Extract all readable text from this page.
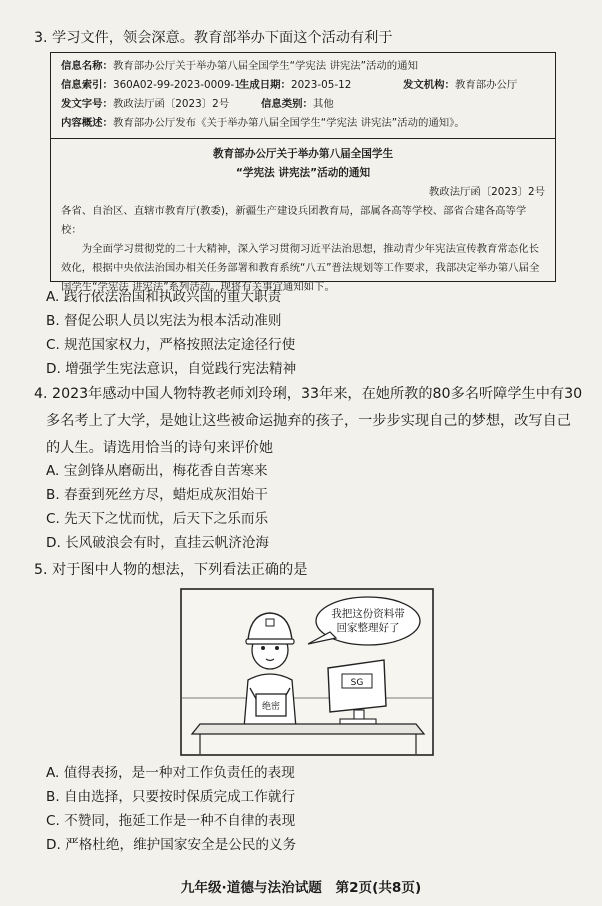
3. 学习文件，领会深意。教育部举办下面这个活动有利于
信息名称：教育部办公厅关于举办第八届全国学生“学宪法 讲宪法”活动的通知
信息索引：360A02-99-2023-0009-1
生成日期：2023-05-12	发文机构：教育部办公厅
发文字号：教政法厅函〔2023〕2号	信息类别：其他
内容概述：教育部办公厅发布《关于举办第八届全国学生“学宪法 讲宪法”活动的通知》。
教育部办公厅关于举办第八届全国学生
“学宪法 讲宪法”活动的通知
教政法厅函〔2023〕2号
各省、自治区、直辖市教育厅(教委)，新疆生产建设兵团教育局，部属各高等学校、部省合建各高等学校：

为全面学习贯彻党的二十大精神，深入学习贯彻习近平法治思想，推动青少年宪法宣传教育常态化长

效化，根据中央依法治国办相关任务部署和教育系统“八五”普法规划等工作要求，我部决定举办第八届全
国学生“学宪法 讲宪法”系列活动。现将有关事宜通知如下。
A. 践行依法治国和执政兴国的重大职责
B. 督促公职人员以宪法为根本活动准则
C. 规范国家权力，严格按照法定途径行使
D. 增强学生宪法意识，自觉践行宪法精神
4. 2023年感动中国人物特教老师刘玲琍，33年来，在她所教的80多名听障学生中有30
多名考上了大学，是她让这些被命运抛弃的孩子，一步步实现自己的梦想，改写自己
的人生。请选用恰当的诗句来评价她
A. 宝剑锋从磨砺出，梅花香自苦寒来
B. 春蚕到死丝方尽，蜡炬成灰泪始干
C. 先天下之忧而忧，后天下之乐而乐
D. 长风破浪会有时，直挂云帆济沧海
5. 对于图中人物的想法，下列看法正确的是
我把这份资料带
回家整理好了
绝密
SG
A. 值得表扬，是一种对工作负责任的表现
B. 自由选择，只要按时保质完成工作就行
C. 不赞同，拖延工作是一种不自律的表现
D. 严格杜绝，维护国家安全是公民的义务
九年级·道德与法治试题　第2页(共8页)
